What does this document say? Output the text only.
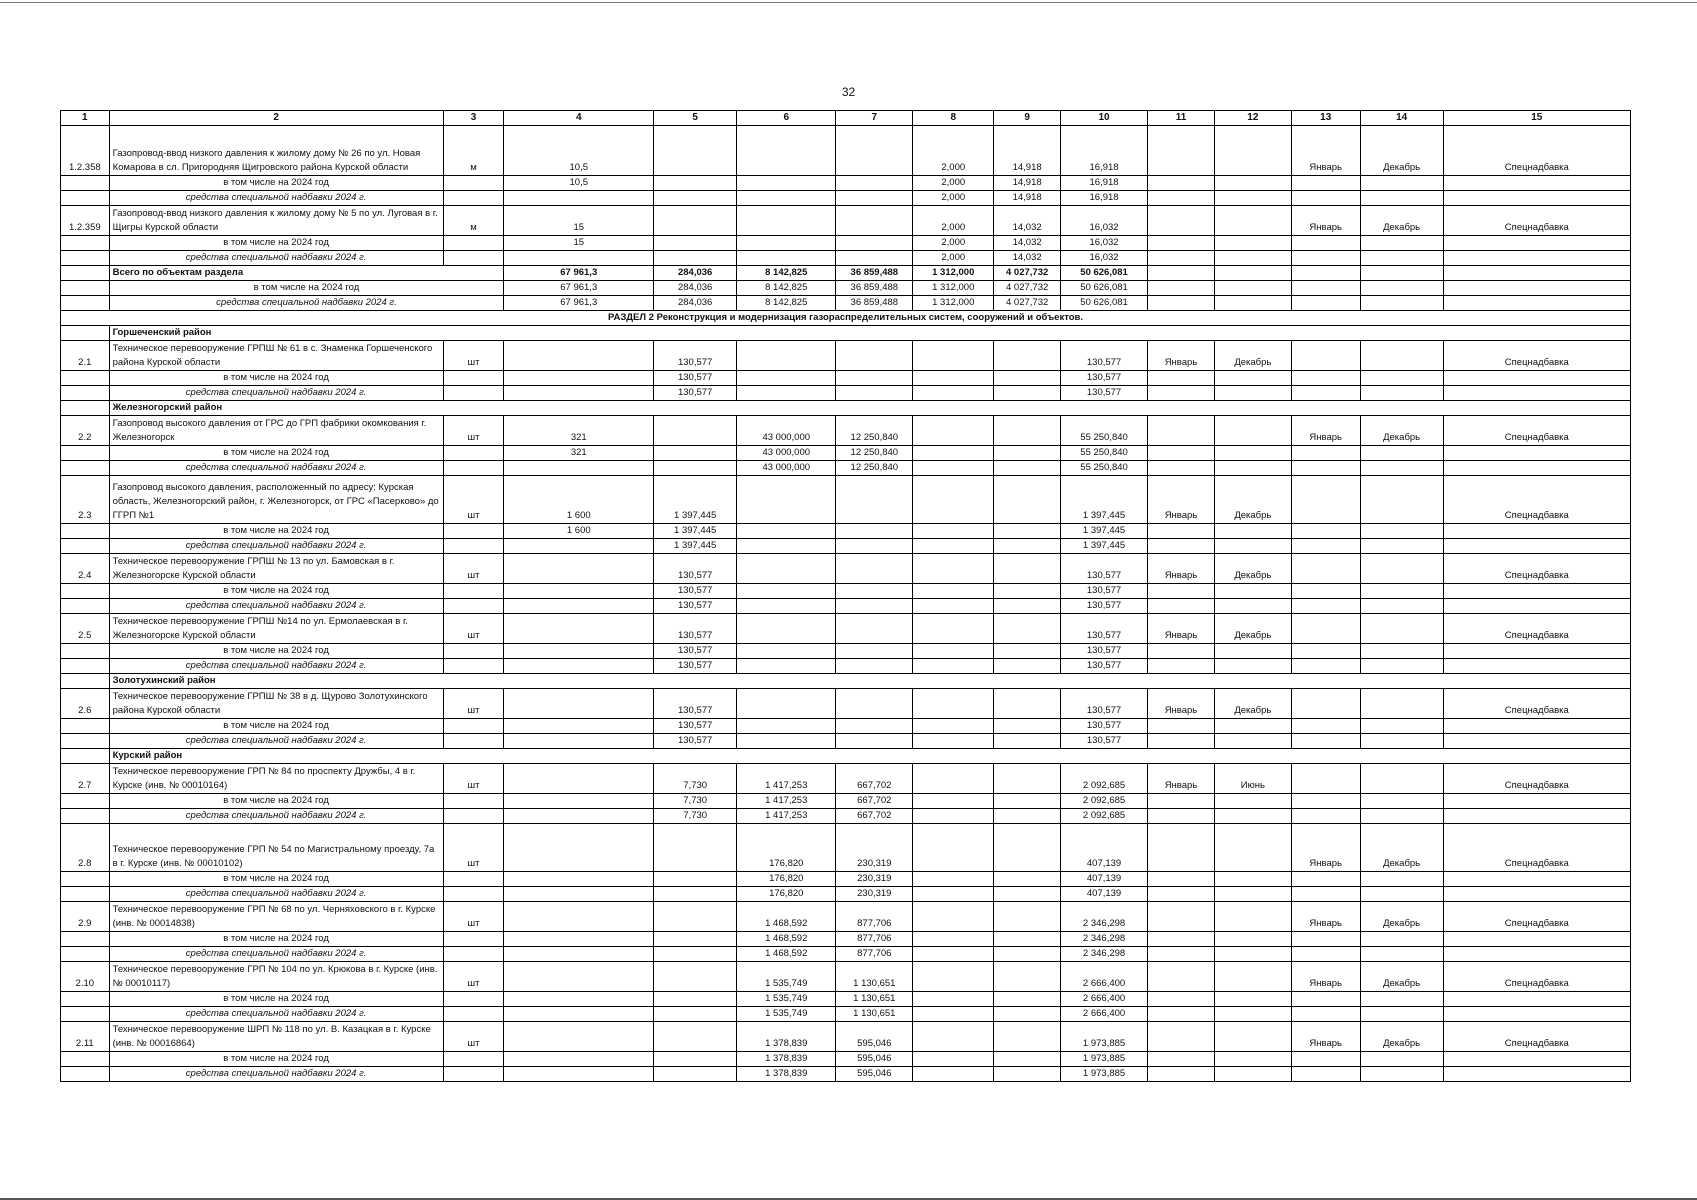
32
1	2	3	4	5	6	7	8	9	10	11	12	13	14	15
1.2.358	Газопровод-ввод низкого давления к жилому дому № 26 по ул. Новая Комарова в сл. Пригородняя Щигровского района Курской области	м	10,5				2,000	14,918	16,918			Январь	Декабрь	Спецнадбавка
	в том числе на 2024 год		10,5				2,000	14,918	16,918					
	средства специальной надбавки 2024 г.						2,000	14,918	16,918					
1.2.359	Газопровод-ввод низкого давления к жилому дому № 5 по ул. Луговая в г. Щигры Курской области	м	15				2,000	14,032	16,032			Январь	Декабрь	Спецнадбавка
	в том числе на 2024 год		15				2,000	14,032	16,032					
	средства специальной надбавки 2024 г.						2,000	14,032	16,032					
	Всего по объектам раздела		67 961,3	284,036	8 142,825	36 859,488	1 312,000	4 027,732	50 626,081					
	в том числе на 2024 год		67 961,3	284,036	8 142,825	36 859,488	1 312,000	4 027,732	50 626,081					
	средства специальной надбавки 2024 г.		67 961,3	284,036	8 142,825	36 859,488	1 312,000	4 027,732	50 626,081					
РАЗДЕЛ 2 Реконструкция и модернизация газораспределительных систем, сооружений и объектов.														
	Горшеченский район													
2.1	Техническое перевооружение ГРПШ № 61 в с. Знаменка Горшеченского района Курской области	шт		130,577					130,577	Январь	Декабрь			Спецнадбавка
	в том числе на 2024 год			130,577					130,577					
	средства специальной надбавки 2024 г.			130,577					130,577					
	Железногорский район													
2.2	Газопровод высокого давления от ГРС до ГРП фабрики окомкования г. Железногорск	шт	321		43 000,000	12 250,840			55 250,840			Январь	Декабрь	Спецнадбавка
	в том числе на 2024 год		321		43 000,000	12 250,840			55 250,840					
	средства специальной надбавки 2024 г.				43 000,000	12 250,840			55 250,840					
2.3	Газопровод высокого давления, расположенный по адресу: Курская область, Железногорский район, г. Железногорск, от ГРС «Пасерково» до ГГРП №1	шт	1 600	1 397,445					1 397,445	Январь	Декабрь			Спецнадбавка
	в том числе на 2024 год		1 600	1 397,445					1 397,445					
	средства специальной надбавки 2024 г.			1 397,445					1 397,445					
2.4	Техническое перевооружение ГРПШ № 13 по ул. Бамовская в г. Железногорске Курской области	шт		130,577					130,577	Январь	Декабрь			Спецнадбавка
	в том числе на 2024 год			130,577					130,577					
	средства специальной надбавки 2024 г.			130,577					130,577					
2.5	Техническое перевооружение ГРПШ №14 по ул. Ермолаевская в г. Железногорске Курской области	шт		130,577					130,577	Январь	Декабрь			Спецнадбавка
	в том числе на 2024 год			130,577					130,577					
	средства специальной надбавки 2024 г.			130,577					130,577					
	Золотухинский район													
2.6	Техническое перевооружение ГРПШ № 38 в д. Щурово Золотухинского района Курской области	шт		130,577					130,577	Январь	Декабрь			Спецнадбавка
	в том числе на 2024 год			130,577					130,577					
	средства специальной надбавки 2024 г.			130,577					130,577					
	Курский район													
2.7	Техническое перевооружение ГРП № 84 по проспекту Дружбы, 4 в г. Курске (инв. № 00010164)	шт		7,730	1 417,253	667,702			2 092,685	Январь	Июнь			Спецнадбавка
	в том числе на 2024 год			7,730	1 417,253	667,702			2 092,685					
	средства специальной надбавки 2024 г.			7,730	1 417,253	667,702			2 092,685					
2.8	Техническое перевооружение ГРП № 54 по Магистральному проезду, 7а в г. Курске (инв. № 00010102)	шт			176,820	230,319			407,139			Январь	Декабрь	Спецнадбавка
	в том числе на 2024 год				176,820	230,319			407,139					
	средства специальной надбавки 2024 г.				176,820	230,319			407,139					
2.9	Техническое перевооружение ГРП № 68 по ул. Черняховского в г. Курске (инв. № 00014838)	шт			1 468,592	877,706			2 346,298			Январь	Декабрь	Спецнадбавка
	в том числе на 2024 год				1 468,592	877,706			2 346,298					
	средства специальной надбавки 2024 г.				1 468,592	877,706			2 346,298					
2.10	Техническое перевооружение ГРП № 104 по ул. Крюкова в г. Курске (инв. № 00010117)	шт			1 535,749	1 130,651			2 666,400			Январь	Декабрь	Спецнадбавка
	в том числе на 2024 год				1 535,749	1 130,651			2 666,400					
	средства специальной надбавки 2024 г.				1 535,749	1 130,651			2 666,400					
2.11	Техническое перевооружение ШРП № 118 по ул. В. Казацкая в г. Курске (инв. № 00016864)	шт			1 378,839	595,046			1 973,885			Январь	Декабрь	Спецнадбавка
	в том числе на 2024 год				1 378,839	595,046			1 973,885					
	средства специальной надбавки 2024 г.				1 378,839	595,046			1 973,885					
